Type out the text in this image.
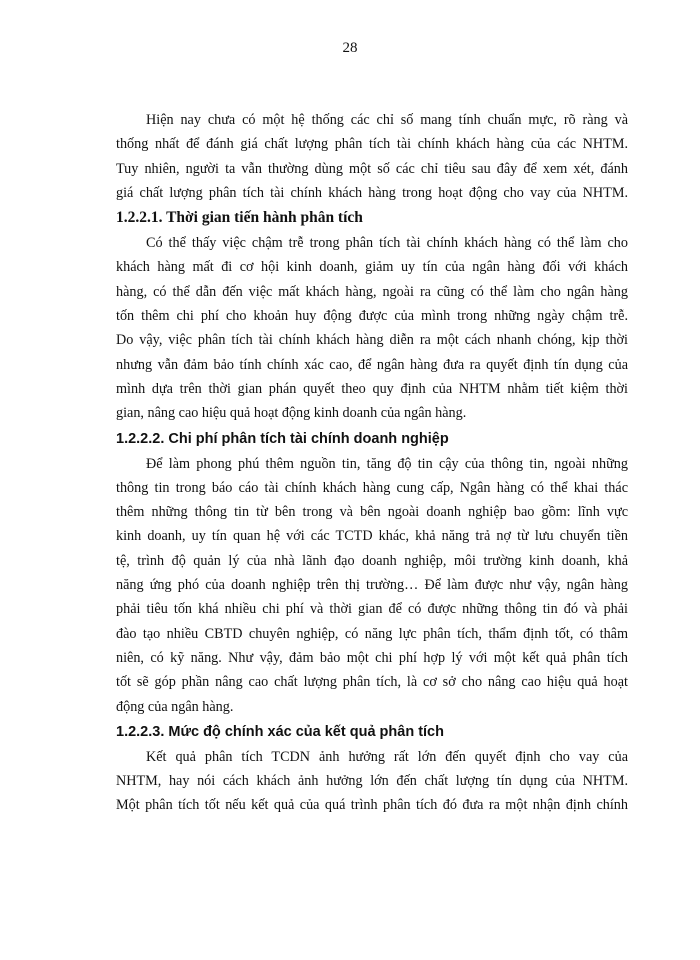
28
Hiện nay chưa có một hệ thống các chỉ số mang tính chuẩn mực, rõ ràng và
thống nhất để đánh giá chất lượng phân tích tài chính khách hàng của các NHTM.
Tuy nhiên, người ta vẫn thường dùng một số các chỉ tiêu sau đây để xem xét, đánh
giá chất lượng phân tích tài chính khách hàng trong hoạt động cho vay của NHTM.
1.2.2.1. Thời gian tiến hành phân tích
Có thể thấy việc chậm trễ trong phân tích tài chính khách hàng có thể làm cho
khách hàng mất đi cơ hội kinh doanh, giảm uy tín của ngân hàng đối với khách
hàng, có thể dẫn đến việc mất khách hàng, ngoài ra cũng có thể làm cho ngân hàng
tốn thêm chi phí cho khoản huy động được của mình trong những ngày chậm trễ.
Do vậy, việc phân tích tài chính khách hàng diễn ra một cách nhanh chóng, kịp thời
nhưng vẫn đảm bảo tính chính xác cao, để ngân hàng đưa ra quyết định tín dụng của
mình dựa trên thời gian phán quyết theo quy định của NHTM nhằm tiết kiệm thời
gian, nâng cao hiệu quả hoạt động kinh doanh của ngân hàng.
1.2.2.2. Chi phí phân tích tài chính doanh nghiệp
Để làm phong phú thêm nguồn tin, tăng độ tin cậy của thông tin, ngoài những
thông tin trong báo cáo tài chính khách hàng cung cấp, Ngân hàng có thể khai thác
thêm những thông tin từ bên trong và bên ngoài doanh nghiệp bao gồm: lĩnh vực
kinh doanh, uy tín quan hệ với các TCTD khác, khả năng trả nợ từ lưu chuyển tiền
tệ, trình độ quản lý của nhà lãnh đạo doanh nghiệp, môi trường kinh doanh, khả
năng ứng phó của doanh nghiệp trên thị trường… Để làm được như vậy, ngân hàng
phải tiêu tốn khá nhiều chi phí và thời gian để có được những thông tin đó và phải
đào tạo nhiều CBTD chuyên nghiệp, có năng lực phân tích, thẩm định tốt, có thâm
niên, có kỹ năng. Như vậy, đảm bảo một chi phí hợp lý với một kết quả phân tích
tốt sẽ góp phần nâng cao chất lượng phân tích, là cơ sở cho nâng cao hiệu quả hoạt
động của ngân hàng.
1.2.2.3. Mức độ chính xác của kết quả phân tích
Kết quả phân tích TCDN ảnh hưởng rất lớn đến quyết định cho vay của
NHTM, hay nói cách khách ảnh hưởng lớn đến chất lượng tín dụng của NHTM.
Một phân tích tốt nếu kết quả của quá trình phân tích đó đưa ra một nhận định chính
